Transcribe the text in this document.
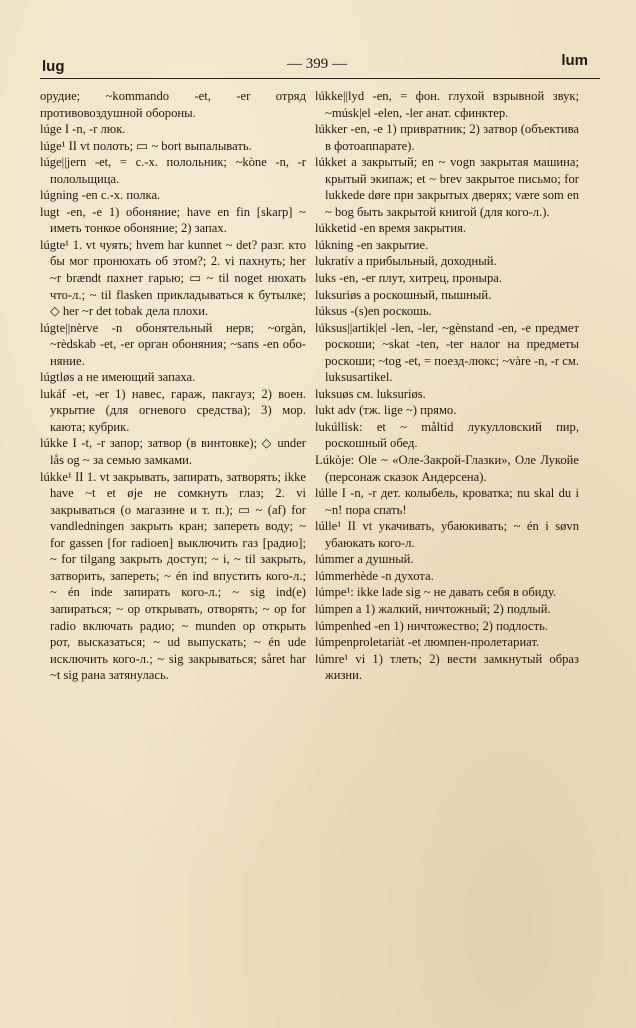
lug	— 399 —	lum

орудие; ~kommando -et, -er отряд противовоздушной обороны.

lúge I -n, -r люк.

lúge¹ II vt полоть; ▭ ~ bort выпалывать.

lúge||jern -et, = с.-х. полольник; ~kòne -n, -r полольщица.

lúgning -en с.-х. полка.

lugt -en, -e 1) обоняние; have en fin [skarp] ~ иметь тонкое обоняние; 2) запах.

lúgte¹ 1. vt чуять; hvem har kunnet ~ det? разг. кто бы мог пронюхать об этом?; 2. vi пахнуть; her ~r brændt пахнет гарью; ▭ ~ til noget нюхать что-л.; ~ til flasken прикладываться к бутылке; ◇ her ~r det tobak дела плохи.

lúgte||nèrve -n обонятельный нерв; ~orgàn, ~rèdskab -et, -er орган обоняния; ~sans -en обоняние.

lúgtløs a не имеющий запаха.

lukáf -et, -er 1) навес, гараж, пакгауз; 2) воен. укрытие (для огневого средства); 3) мор. каюта; кубрик.

lúkke I -t, -r запор; затвор (в винтовке); ◇ under lås og ~ за семью замками.

lúkke¹ II 1. vt закрывать, запирать, затворять; ikke have ~t et øje не сомкнуть глаз; 2. vi закрываться (о магазине и т. п.); ▭ ~ (af) for vandledningen закрыть кран; запереть воду; ~ for gassen [for radioen] выключить газ [радио]; ~ for tilgang закрыть доступ; ~ i, ~ til закрыть, затворить, запереть; ~ én ind впустить кого-л.; ~ én inde запирать кого-л.; ~ sig ind(e) запираться; ~ op открывать, отворять; ~ op for radio включать радио; ~ munden op открыть рот, высказаться; ~ ud выпускать; ~ én ude исключить кого-л.; ~ sig закрываться; såret har ~t sig рана затянулась.

lúkke||lyd -en, = фон. глухой взрывной звук; ~músk|el -elen, -ler анат. сфинктер.

lúkker -en, -e 1) привратник; 2) затвор (объектива в фотоаппарате).

lúkket a закрытый; en ~ vogn закрытая машина; крытый экипаж; et ~ brev закрытое письмо; for lukkede døre при закрытых дверях; være som en ~ bog быть закрытой книгой (для кого-л.).

lúkketid -en время закрытия.

lúkning -en закрытие.

lukratív a прибыльный, доходный.

luks -en, -er плут, хитрец, проныра.

luksuriøs a роскошный, пышный.

lúksus -(s)en роскошь.

lúksus||artik|el -len, -ler, ~gènstand -en, -e предмет роскоши; ~skat -ten, -ter налог на предметы роскоши; ~tog -et, = поезд-люкс; ~vàre -n, -r см. luksusartikel.

luksuøs см. luksuriøs.

lukt adv (тж. lige ~) прямо.

lukúllisk: et ~ måltid лукулловский пир, роскошный обед.

Lúkòje: Ole ~ «Оле-Закрой-Глазки», Оле Лукойе (персонаж сказок Андерсена).

lúlle I -n, -r дет. колыбель, кроватка; nu skal du i ~n! пора спать!

lúlle¹ II vt укачивать, убаюкивать; ~ én i søvn убаюкать кого-л.

lúmmer a душный.

lúmmerhède -n духота.

lúmpe¹: ikke lade sig ~ не давать себя в обиду.

lúmpen a 1) жалкий, ничтожный; 2) подлый.

lúmpenhed -en 1) ничтожество; 2) подлость.

lúmpenproletariàt -et люмпен-пролетариат.

lúmre¹ vi 1) тлеть; 2) вести замкнутый образ жизни.
